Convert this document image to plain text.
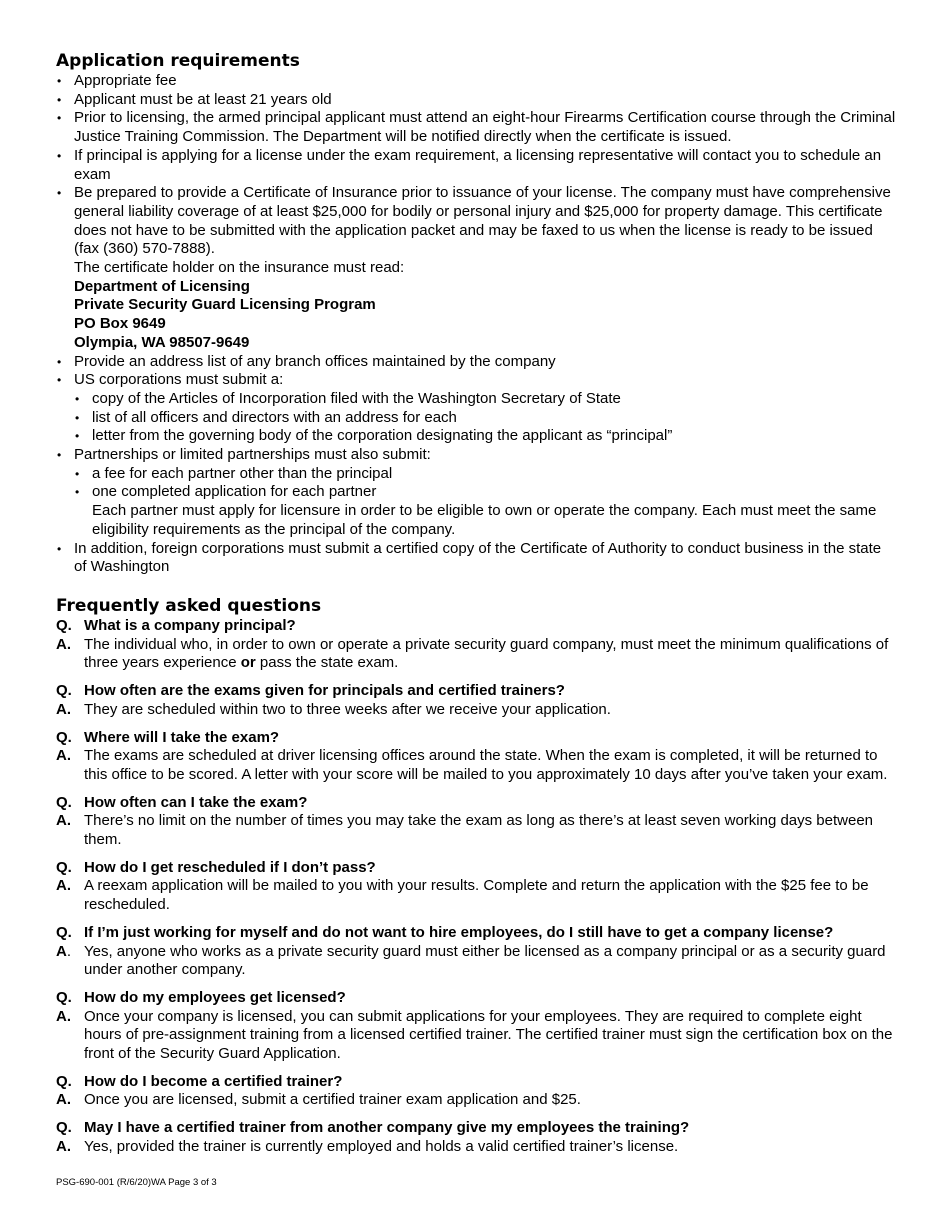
Application requirements
• Appropriate fee
• Applicant must be at least 21 years old
• Prior to licensing, the armed principal applicant must attend an eight-hour Firearms Certification course through the Criminal Justice Training Commission. The Department will be notified directly when the certificate is issued.
• If principal is applying for a license under the exam requirement, a licensing representative will contact you to schedule an exam
• Be prepared to provide a Certificate of Insurance prior to issuance of your license. The company must have comprehensive general liability coverage of at least $25,000 for bodily or personal injury and $25,000 for property damage. This certificate does not have to be submitted with the application packet and may be faxed to us when the license is ready to be issued (fax (360) 570-7888).
The certificate holder on the insurance must read:
Department of Licensing
Private Security Guard Licensing Program
PO Box 9649
Olympia, WA 98507-9649
• Provide an address list of any branch offices maintained by the company
• US corporations must submit a:
• copy of the Articles of Incorporation filed with the Washington Secretary of State
• list of all officers and directors with an address for each
• letter from the governing body of the corporation designating the applicant as “principal”
• Partnerships or limited partnerships must also submit:
• a fee for each partner other than the principal
• one completed application for each partner
Each partner must apply for licensure in order to be eligible to own or operate the company. Each must meet the same eligibility requirements as the principal of the company.
• In addition, foreign corporations must submit a certified copy of the Certificate of Authority to conduct business in the state of Washington
Frequently asked questions
Q. What is a company principal?
A. The individual who, in order to own or operate a private security guard company, must meet the minimum qualifications of three years experience or pass the state exam.
Q. How often are the exams given for principals and certified trainers?
A. They are scheduled within two to three weeks after we receive your application.
Q. Where will I take the exam?
A. The exams are scheduled at driver licensing offices around the state. When the exam is completed, it will be returned to this office to be scored. A letter with your score will be mailed to you approximately 10 days after you’ve taken your exam.
Q. How often can I take the exam?
A. There’s no limit on the number of times you may take the exam as long as there’s at least seven working days between them.
Q. How do I get rescheduled if I don’t pass?
A. A reexam application will be mailed to you with your results. Complete and return the application with the $25 fee to be rescheduled.
Q. If I’m just working for myself and do not want to hire employees, do I still have to get a company license?
A. Yes, anyone who works as a private security guard must either be licensed as a company principal or as a security guard under another company.
Q. How do my employees get licensed?
A. Once your company is licensed, you can submit applications for your employees. They are required to complete eight hours of pre-assignment training from a licensed certified trainer. The certified trainer must sign the certification box on the front of the Security Guard Application.
Q. How do I become a certified trainer?
A. Once you are licensed, submit a certified trainer exam application and $25.
Q. May I have a certified trainer from another company give my employees the training?
A. Yes, provided the trainer is currently employed and holds a valid certified trainer’s license.
PSG-690-001 (R/6/20)WA Page 3 of 3
